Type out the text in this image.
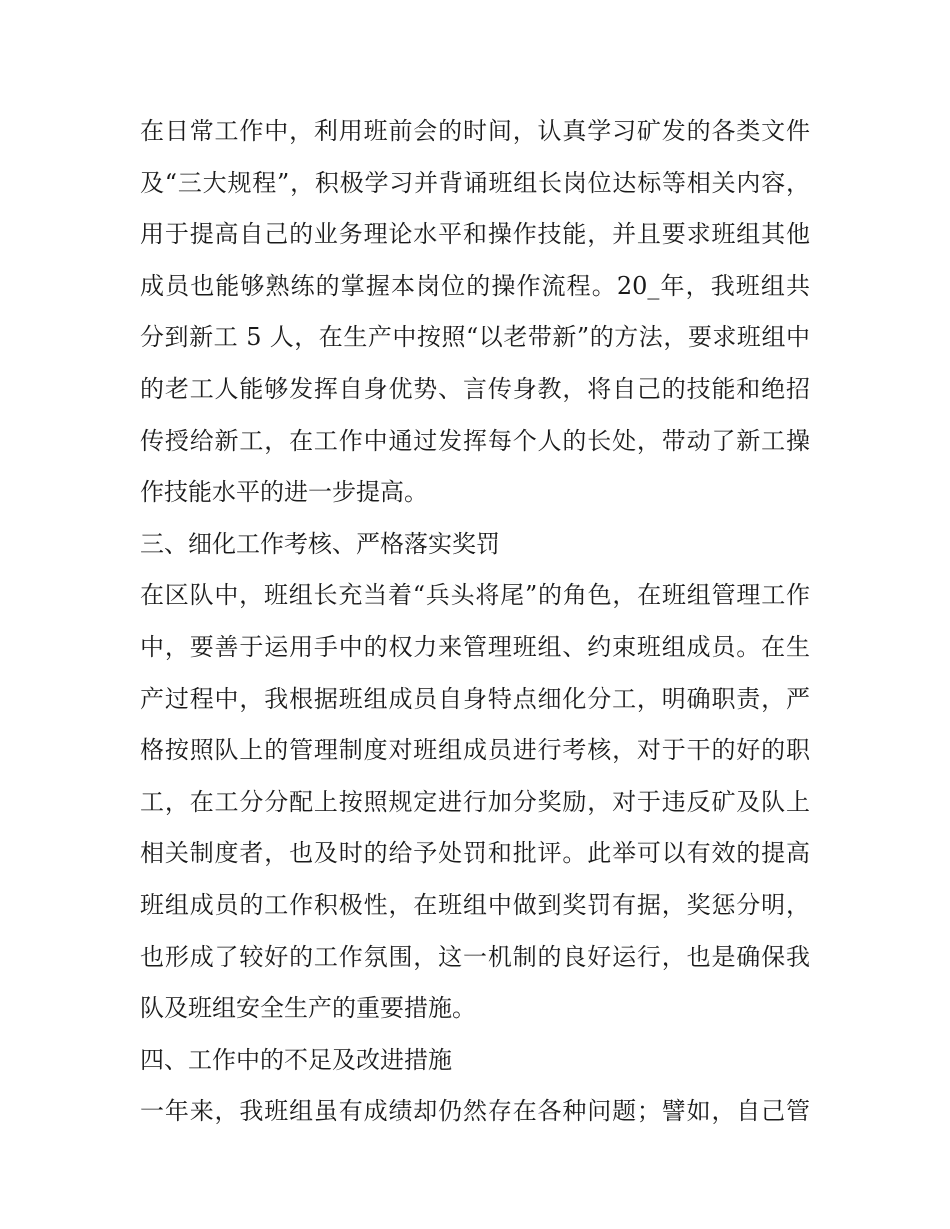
在日常工作中，利用班前会的时间，认真学习矿发的各类文件
及“三大规程”，积极学习并背诵班组长岗位达标等相关内容，
用于提高自己的业务理论水平和操作技能，并且要求班组其他
成员也能够熟练的掌握本岗位的操作流程。20_年，我班组共
分到新工 5 人，在生产中按照“以老带新”的方法，要求班组中
的老工人能够发挥自身优势、言传身教，将自己的技能和绝招
传授给新工，在工作中通过发挥每个人的长处，带动了新工操
作技能水平的进一步提高。
三、细化工作考核、严格落实奖罚
在区队中，班组长充当着“兵头将尾”的角色，在班组管理工作
中，要善于运用手中的权力来管理班组、约束班组成员。在生
产过程中，我根据班组成员自身特点细化分工，明确职责，严
格按照队上的管理制度对班组成员进行考核，对于干的好的职
工，在工分分配上按照规定进行加分奖励，对于违反矿及队上
相关制度者，也及时的给予处罚和批评。此举可以有效的提高
班组成员的工作积极性，在班组中做到奖罚有据，奖惩分明，
也形成了较好的工作氛围，这一机制的良好运行，也是确保我
队及班组安全生产的重要措施。
四、工作中的不足及改进措施
一年来，我班组虽有成绩却仍然存在各种问题；譬如，自己管
